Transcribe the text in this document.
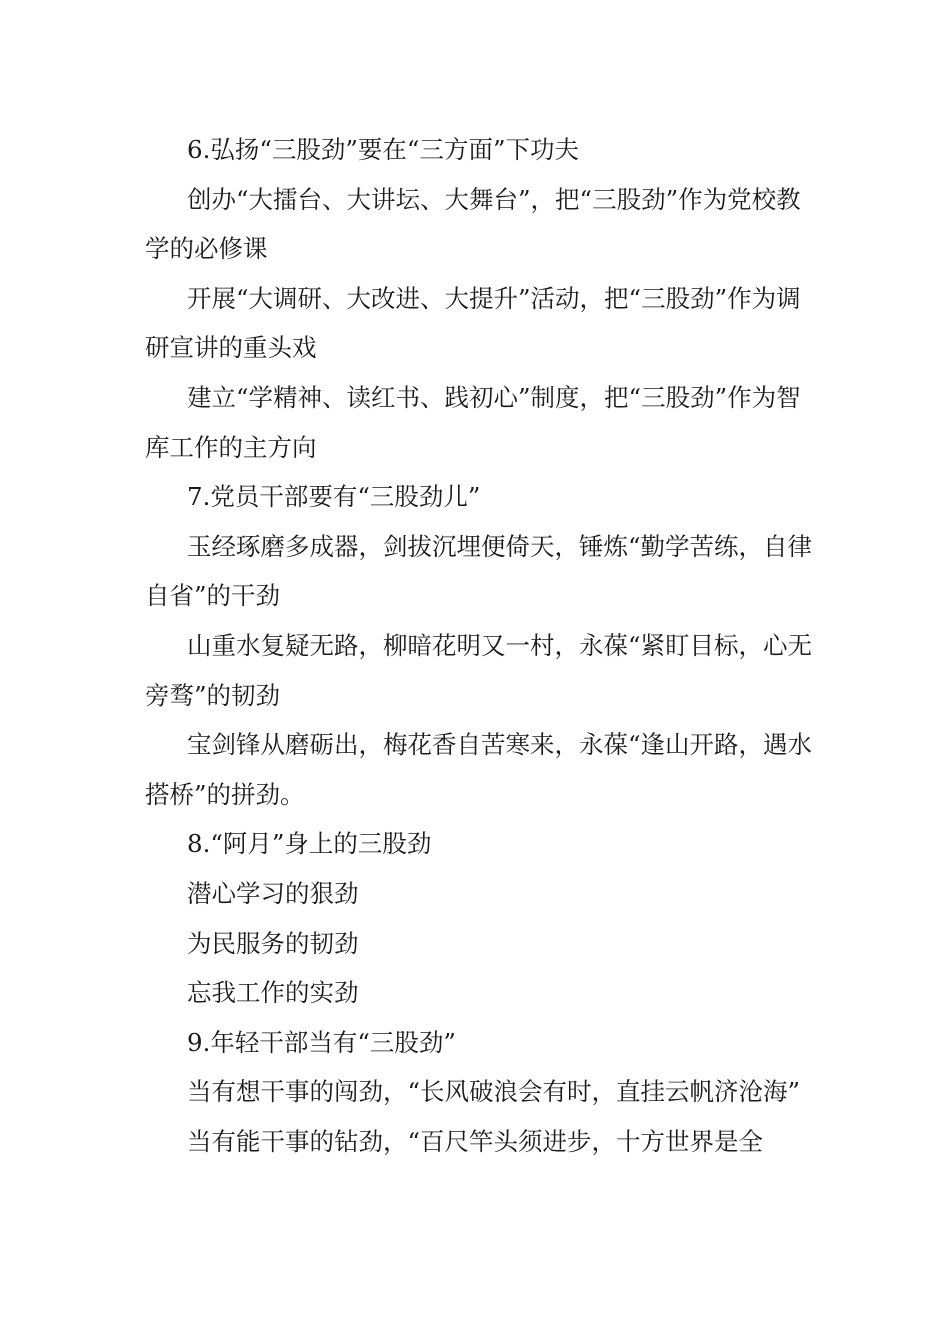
6.弘扬“三股劲”要在“三方面”下功夫

创办“大擂台、大讲坛、大舞台”，把“三股劲”作为党校教学的必修课

开展“大调研、大改进、大提升”活动，把“三股劲”作为调研宣讲的重头戏

建立“学精神、读红书、践初心”制度，把“三股劲”作为智库工作的主方向

7.党员干部要有“三股劲儿”

玉经琢磨多成器，剑拔沉埋便倚天，锤炼“勤学苦练，自律自省”的干劲

山重水复疑无路，柳暗花明又一村，永葆“紧盯目标，心无旁骛”的韧劲

宝剑锋从磨砺出，梅花香自苦寒来，永葆“逢山开路，遇水搭桥”的拼劲。

8.“阿月”身上的三股劲

潜心学习的狠劲

为民服务的韧劲

忘我工作的实劲

9.年轻干部当有“三股劲”

当有想干事的闯劲，“长风破浪会有时，直挂云帆济沧海”

当有能干事的钻劲，“百尺竿头须进步，十方世界是全
